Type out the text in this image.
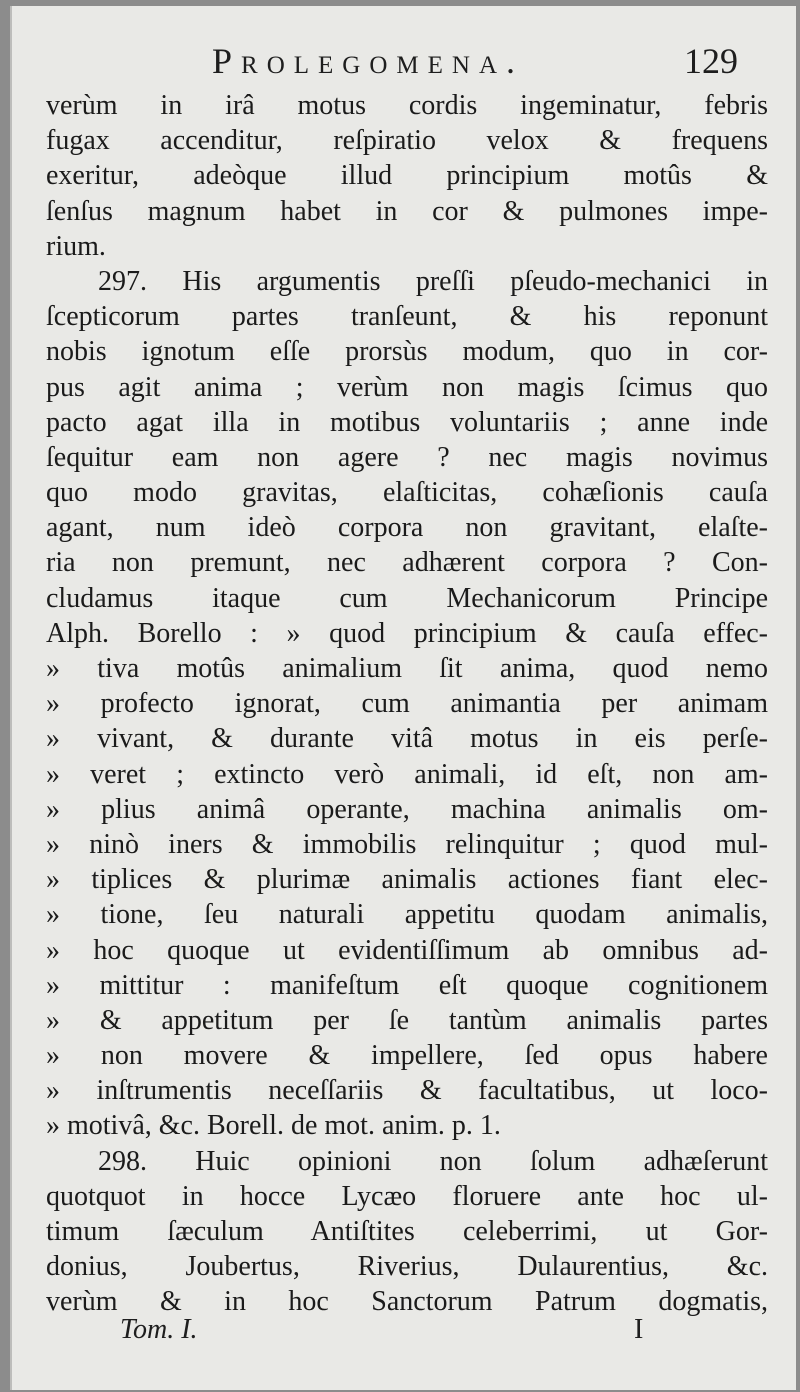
Prolegomena.	129
verùm in irâ motus cordis ingeminatur, febris
fugax accenditur, reſpiratio velox & frequens
exeritur, adeòque illud principium motûs &
ſenſus magnum habet in cor & pulmones impe-
rium.
297. His argumentis preſſi pſeudo-mechanici in
ſcepticorum partes tranſeunt, & his reponunt
nobis ignotum eſſe prorsùs modum, quo in cor-
pus agit anima ; verùm non magis ſcimus quo
pacto agat illa in motibus voluntariis ; anne inde
ſequitur eam non agere ? nec magis novimus
quo modo gravitas, elaſticitas, cohæſionis cauſa
agant, num ideò corpora non gravitant, elaſte-
ria non premunt, nec adhærent corpora ? Con-
cludamus itaque cum Mechanicorum Principe
Alph. Borello : » quod principium & cauſa effec-
» tiva motûs animalium ſit anima, quod nemo
» profecto ignorat, cum animantia per animam
» vivant, & durante vitâ motus in eis perſe-
» veret ; extincto verò animali, id eſt, non am-
» plius animâ operante, machina animalis om-
» ninò iners & immobilis relinquitur ; quod mul-
» tiplices & plurimæ animalis actiones fiant elec-
» tione, ſeu naturali appetitu quodam animalis,
» hoc quoque ut evidentiſſimum ab omnibus ad-
» mittitur : manifeſtum eſt quoque cognitionem
» & appetitum per ſe tantùm animalis partes
» non movere & impellere, ſed opus habere
» inſtrumentis neceſſariis & facultatibus, ut loco-
» motivâ, &c. Borell. de mot. anim. p. 1.
298. Huic opinioni non ſolum adhæſerunt
quotquot in hocce Lycæo floruere ante hoc ul-
timum ſæculum Antiſtites celeberrimi, ut Gor-
donius, Joubertus, Riverius, Dulaurentius, &c.
verùm & in hoc Sanctorum Patrum dogmatis,
Tom. I.	I
